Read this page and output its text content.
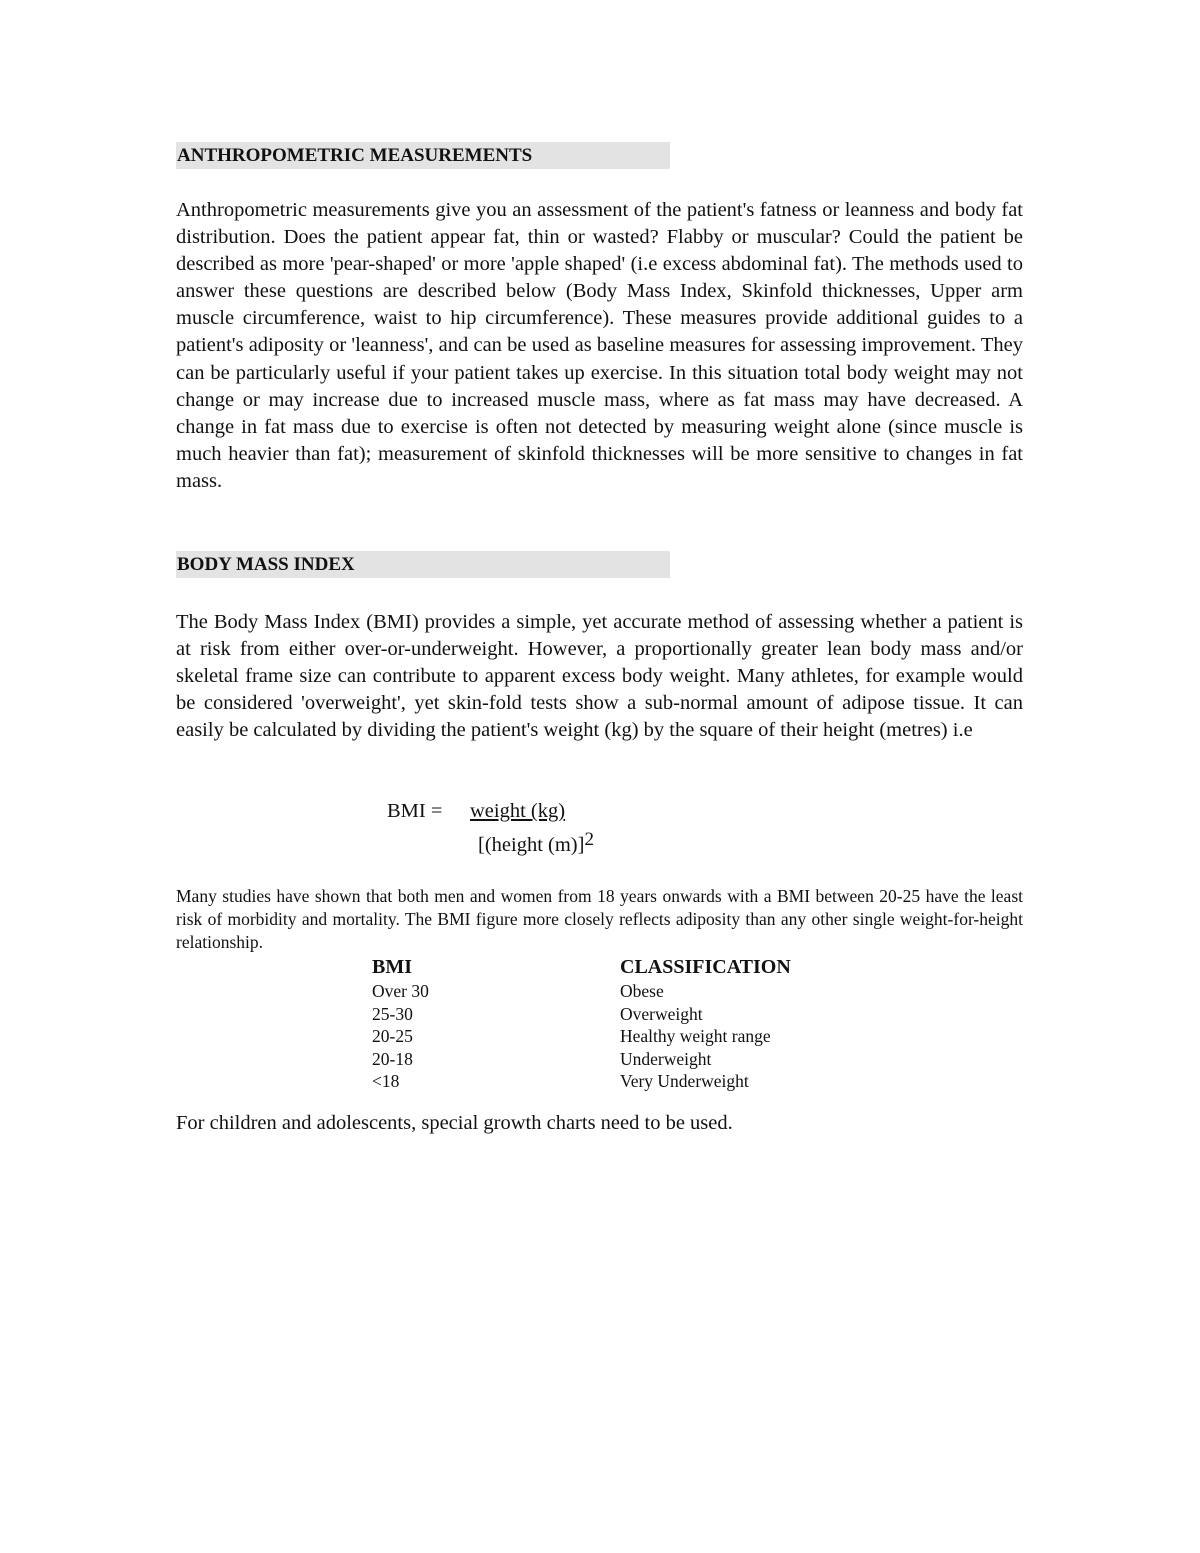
ANTHROPOMETRIC MEASUREMENTS

Anthropometric measurements give you an assessment of the patient's fatness or leanness and body fat distribution. Does the patient appear fat, thin or wasted? Flabby or muscular? Could the patient be described as more 'pear-shaped' or more 'apple shaped' (i.e excess abdominal fat). The methods used to answer these questions are described below (Body Mass Index, Skinfold thicknesses, Upper arm muscle circumference, waist to hip circumference). These measures provide additional guides to a patient's adiposity or 'leanness', and can be used as baseline measures for assessing improvement. They can be particularly useful if your patient takes up exercise. In this situation total body weight may not change or may increase due to increased muscle mass, where as fat mass may have decreased. A change in fat mass due to exercise is often not detected by measuring weight alone (since muscle is much heavier than fat); measurement of skinfold thicknesses will be more sensitive to changes in fat mass.

BODY MASS INDEX

The Body Mass Index (BMI) provides a simple, yet accurate method of assessing whether a patient is at risk from either over-or-underweight. However, a proportionally greater lean body mass and/or skeletal frame size can contribute to apparent excess body weight. Many athletes, for example would be considered 'overweight', yet skin-fold tests show a sub-normal amount of adipose tissue. It can easily be calculated by dividing the patient's weight (kg) by the square of their height (metres) i.e

BMI = weight (kg)
[(height (m)]$^2$

Many studies have shown that both men and women from 18 years onwards with a BMI between 20-25 have the least risk of morbidity and mortality. The BMI figure more closely reflects adiposity than any other single weight-for-height relationship.

BMI	CLASSIFICATION
Over 30	Obese
25-30	Overweight
20-25	Healthy weight range
20-18	Underweight
<18	Very Underweight

For children and adolescents, special growth charts need to be used.
